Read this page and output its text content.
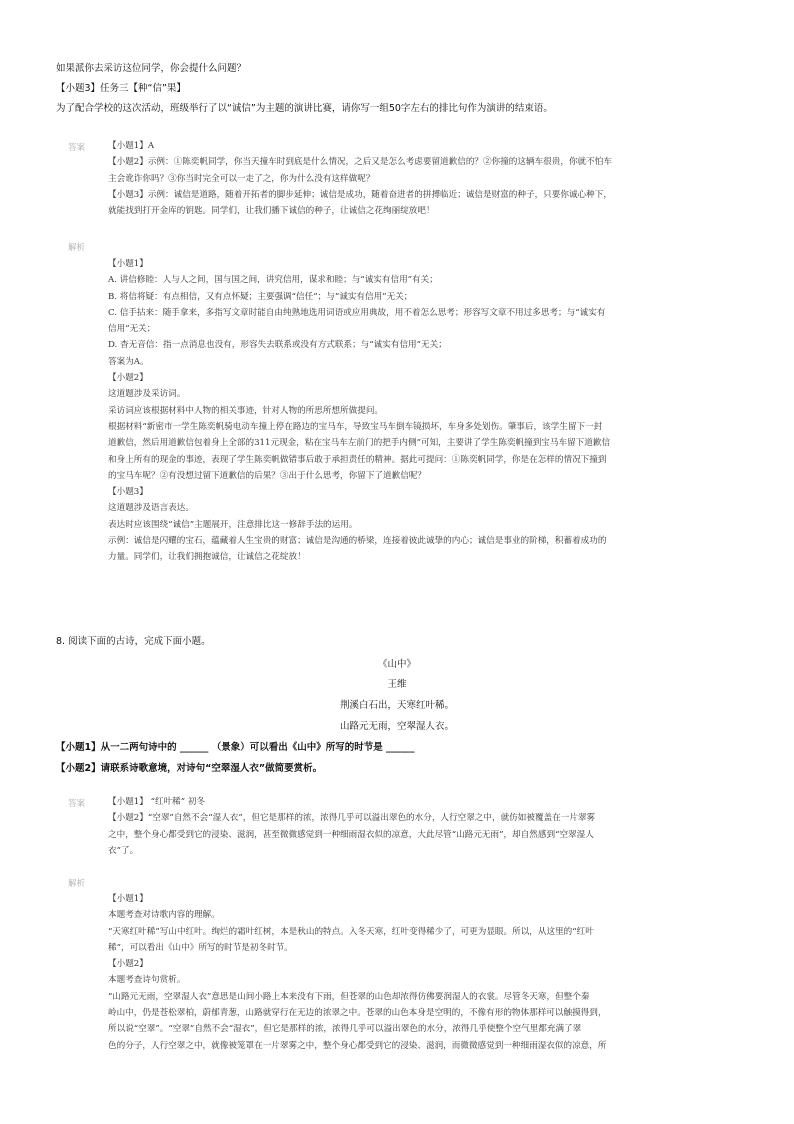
如果派你去采访这位同学，你会提什么问题？
【小题3】任务三【种“信”果】
为了配合学校的这次活动，班级举行了以“诚信”为主题的演讲比赛，请你写一组50字左右的排比句作为演讲的结束语。
答案	【小题1】A

【小题2】示例：①陈奕帆同学，你当天撞车时到底是什么情况，之后又是怎么考虑要留道歉信的？②你撞的这辆车很贵，你就不怕车

主会讹诈你吗？③你当时完全可以一走了之，你为什么没有这样做呢？

【小题3】示例：诚信是道路，随着开拓者的脚步延伸；诚信是成功，随着奋进者的拼搏临近；诚信是财富的种子，只要你诚心种下，

就能找到打开金库的钥匙。同学们，让我们播下诚信的种子，让诚信之花绚丽绽放吧！

解析

【小题1】

A. 讲信修睦：人与人之间，国与国之间，讲究信用，谋求和睦；与“诚实有信用”有关；

B. 将信将疑：有点相信，又有点怀疑；主要强调“信任”；与“诚实有信用”无关；

C. 信手拈来：随手拿来，多指写文章时能自由纯熟地选用词语或应用典故，用不着怎么思考；形容写文章不用过多思考；与“诚实有

信用”无关；

D. 杳无音信：指一点消息也没有，形容失去联系或没有方式联系；与“诚实有信用”无关；

答案为A。

【小题2】

这道题涉及采访词。

采访词应该根据材料中人物的相关事迹，针对人物的所思所想所做提问。

根据材料“新密市一学生陈奕帆骑电动车撞上停在路边的宝马车，导致宝马车倒车镜损坏，车身多处划伤。肇事后，该学生留下一封

道歉信，然后用道歉信包着身上全部的311元现金，粘在宝马车左前门的把手内侧”可知，主要讲了学生陈奕帆撞到宝马车留下道歉信

和身上所有的现金的事迹，表现了学生陈奕帆做错事后敢于承担责任的精神。据此可提问：①陈奕帆同学，你是在怎样的情况下撞到

的宝马车呢？②有没想过留下道歉信的后果？③出于什么思考，你留下了道歉信呢？

【小题3】

这道题涉及语言表达。

表达时应该围绕“诚信”主题展开，注意排比这一修辞手法的运用。

示例：诚信是闪耀的宝石，蕴藏着人生宝贵的财富；诚信是沟通的桥梁，连接着彼此诚挚的内心；诚信是事业的阶梯，积蓄着成功的

力量。同学们，让我们拥抱诚信，让诚信之花绽放！

8. 阅读下面的古诗，完成下面小题。
《山中》
王维
荆溪白石出，天寒红叶稀。
山路元无雨，空翠湿人衣。
【小题1】从一二两句诗中的 ______ （景象）可以看出《山中》所写的时节是 ______
【小题2】请联系诗歌意境，对诗句“空翠湿人衣”做简要赏析。
答案	【小题1】 “红叶稀” 初冬

【小题2】“空翠”自然不会“湿人衣”，但它是那样的浓，浓得几乎可以溢出翠色的水分，人行空翠之中，就仿如被覆盖在一片翠雾

之中，整个身心都受到它的浸染、滋润，甚至微微感觉到一种细雨湿衣似的凉意，大此尽管“山路元无雨”，却自然感到“空翠湿人

衣”了。

解析

【小题1】

本题考查对诗歌内容的理解。

“天寒红叶稀”写山中红叶。绚烂的霜叶红树，本是秋山的特点。入冬天寒，红叶变得稀少了，可更为显眼。所以，从这里的“红叶

稀”，可以看出《山中》所写的时节是初冬时节。

【小题2】

本题考查诗句赏析。

“山路元无雨，空翠湿人衣”意思是山间小路上本来没有下雨，但苍翠的山色却浓得仿佛要润湿人的衣裳。尽管冬天寒，但整个秦

岭山中，仍是苍松翠柏，蔚郁青葱，山路就穿行在无边的浓翠之中。苍翠的山色本身是空明的，不像有形的物体那样可以触摸得到，

所以说“空翠”。“空翠”自然不会“湿衣”，但它是那样的浓，浓得几乎可以溢出翠色的水分，浓得几乎使整个空气里都充满了翠

色的分子，人行空翠之中，就像被笼罩在一片翠雾之中，整个身心都受到它的浸染、滋润，而微微感觉到一种细雨湿衣似的凉意，所
